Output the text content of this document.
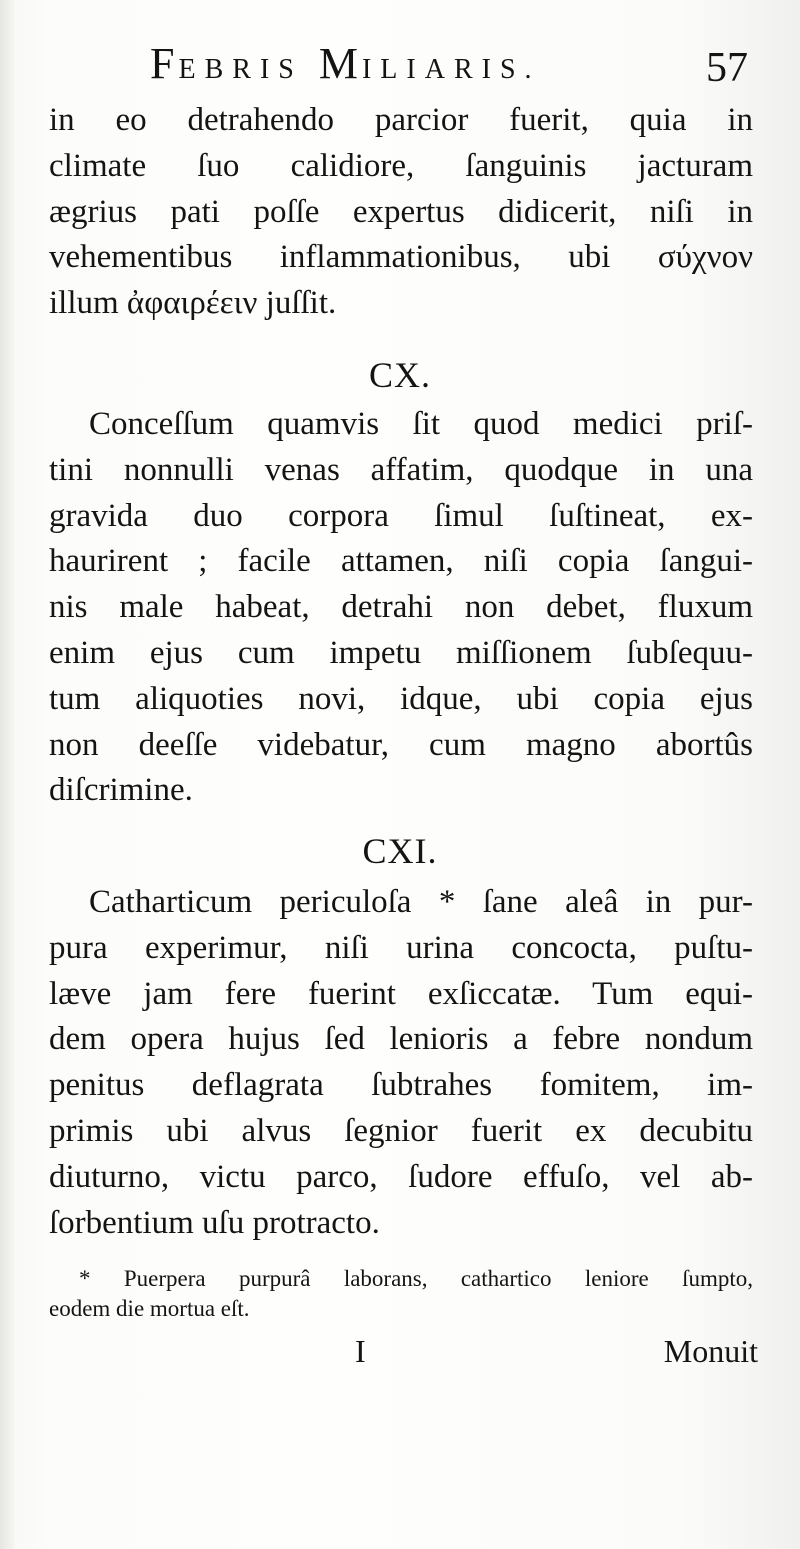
FEBRIS MILIARIS.	57
in eo detrahendo parcior fuerit, quia in
climate ſuo calidiore, ſanguinis jacturam
ægrius pati poſſe expertus didicerit, niſi in
vehementibus inflammationibus, ubi σύχνον
illum ἀφαιρέειν juſſit.
CX.
Conceſſum quamvis ſit quod medici priſ-
tini nonnulli venas affatim, quodque in una
gravida duo corpora ſimul ſuſtineat, ex-
haurirent ; facile attamen, niſi copia ſangui-
nis male habeat, detrahi non debet, fluxum
enim ejus cum impetu miſſionem ſubſequu-
tum aliquoties novi, idque, ubi copia ejus
non deeſſe videbatur, cum magno abortûs
diſcrimine.
CXI.
Catharticum periculoſa * ſane aleâ in pur-
pura experimur, niſi urina concocta, puſtu-
læve jam fere fuerint exſiccatæ. Tum equi-
dem opera hujus ſed lenioris a febre nondum
penitus deflagrata ſubtrahes fomitem, im-
primis ubi alvus ſegnior fuerit ex decubitu
diuturno, victu parco, ſudore effuſo, vel ab-
ſorbentium uſu protracto.
* Puerpera purpurâ laborans, cathartico leniore ſumpto,
eodem die mortua eſt.
I	Monuit
